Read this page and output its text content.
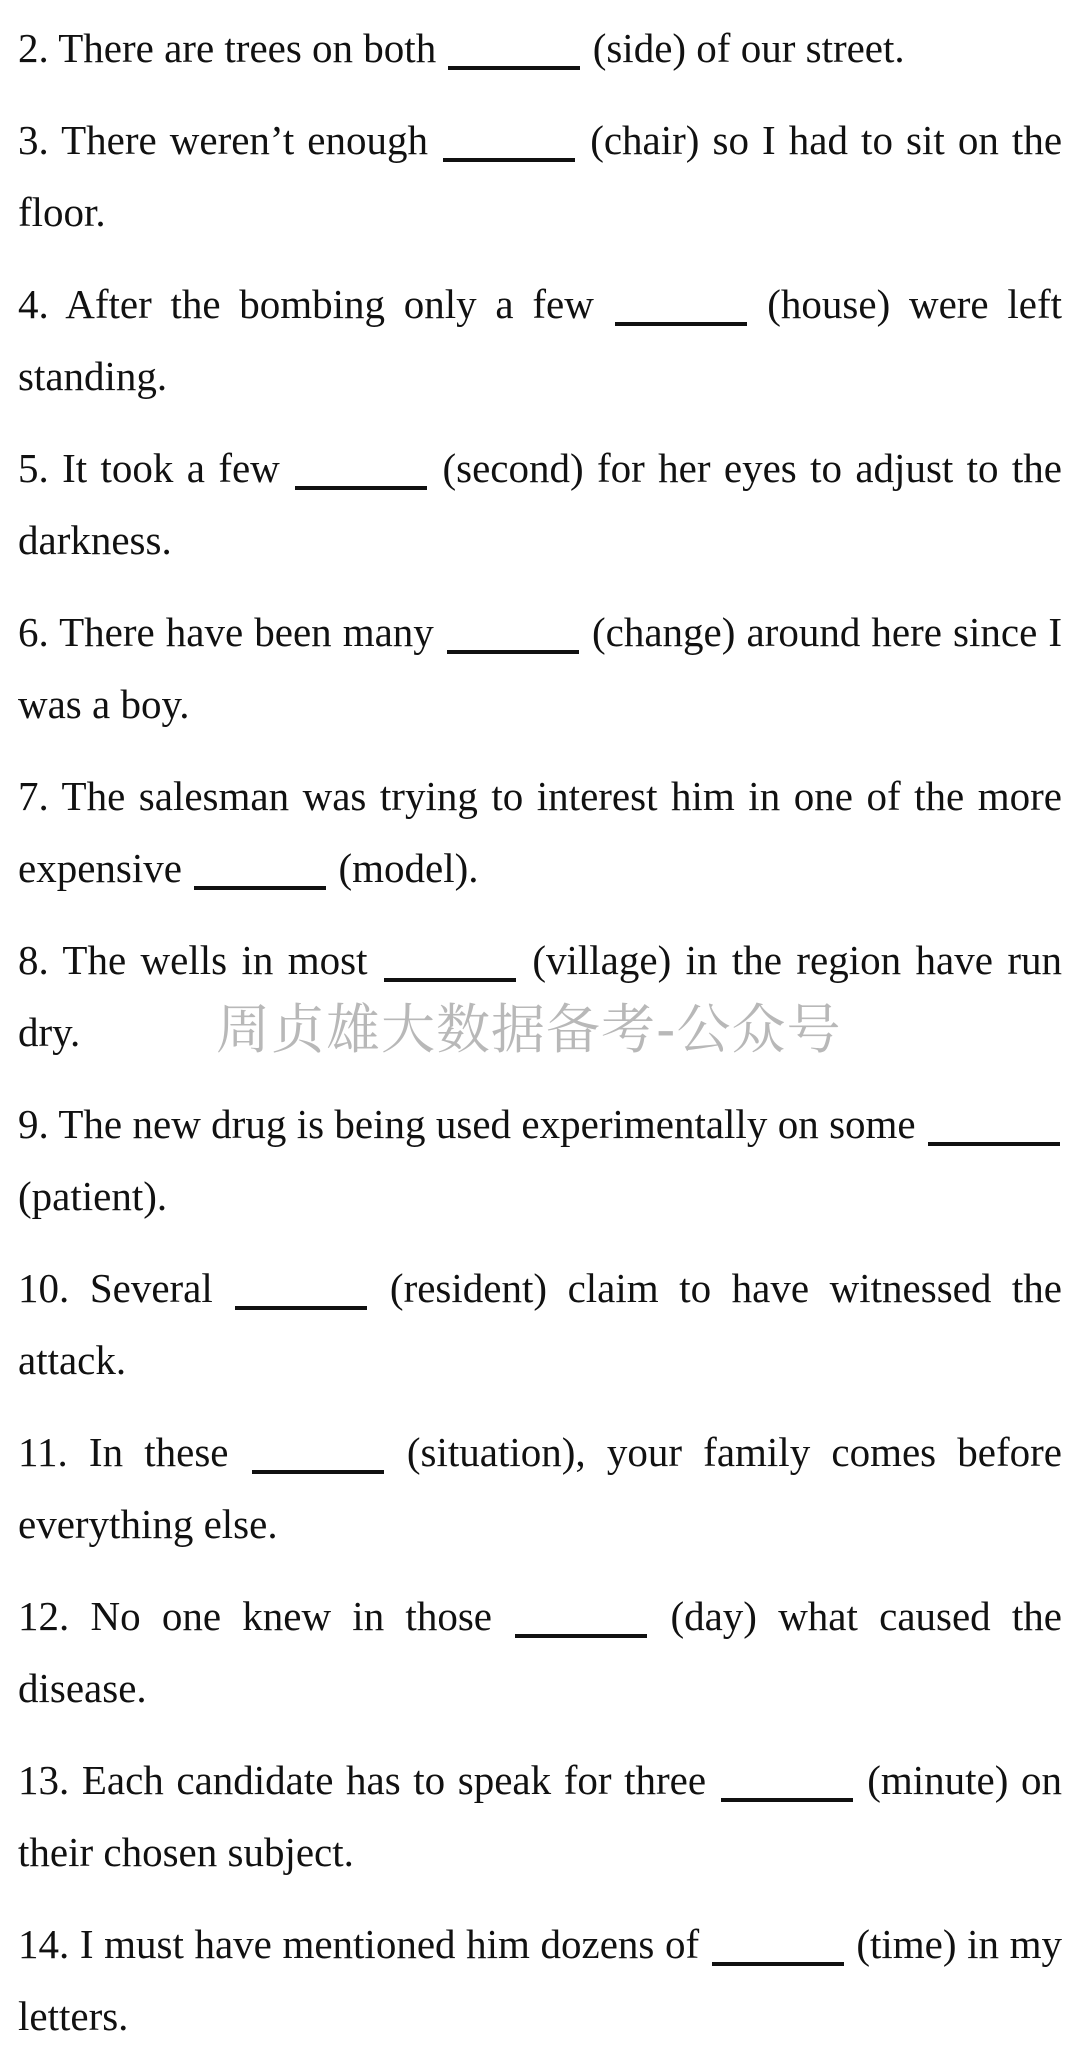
2. There are trees on both	(side) of our street.

3. There weren’t enough	(chair) so I had to sit on the floor.

4. After the bombing only a few	(house) were left standing.

5. It took a few	(second) for her eyes to adjust to the darkness.

6. There have been many	(change) around here since I was a boy.

7. The salesman was trying to interest him in one of the more expensive	(model).

8. The wells in most	(village) in the region have run dry.

9. The new drug is being used experimentally on some  (patient).

10. Several	(resident) claim to have witnessed the attack.

11. In these	(situation), your family comes before everything else.

12. No one knew in those	(day) what caused the disease.

13. Each candidate has to speak for three	(minute) on their chosen subject.

14. I must have mentioned him dozens of	(time) in my letters.

周贞雄大数据备考-公众号
